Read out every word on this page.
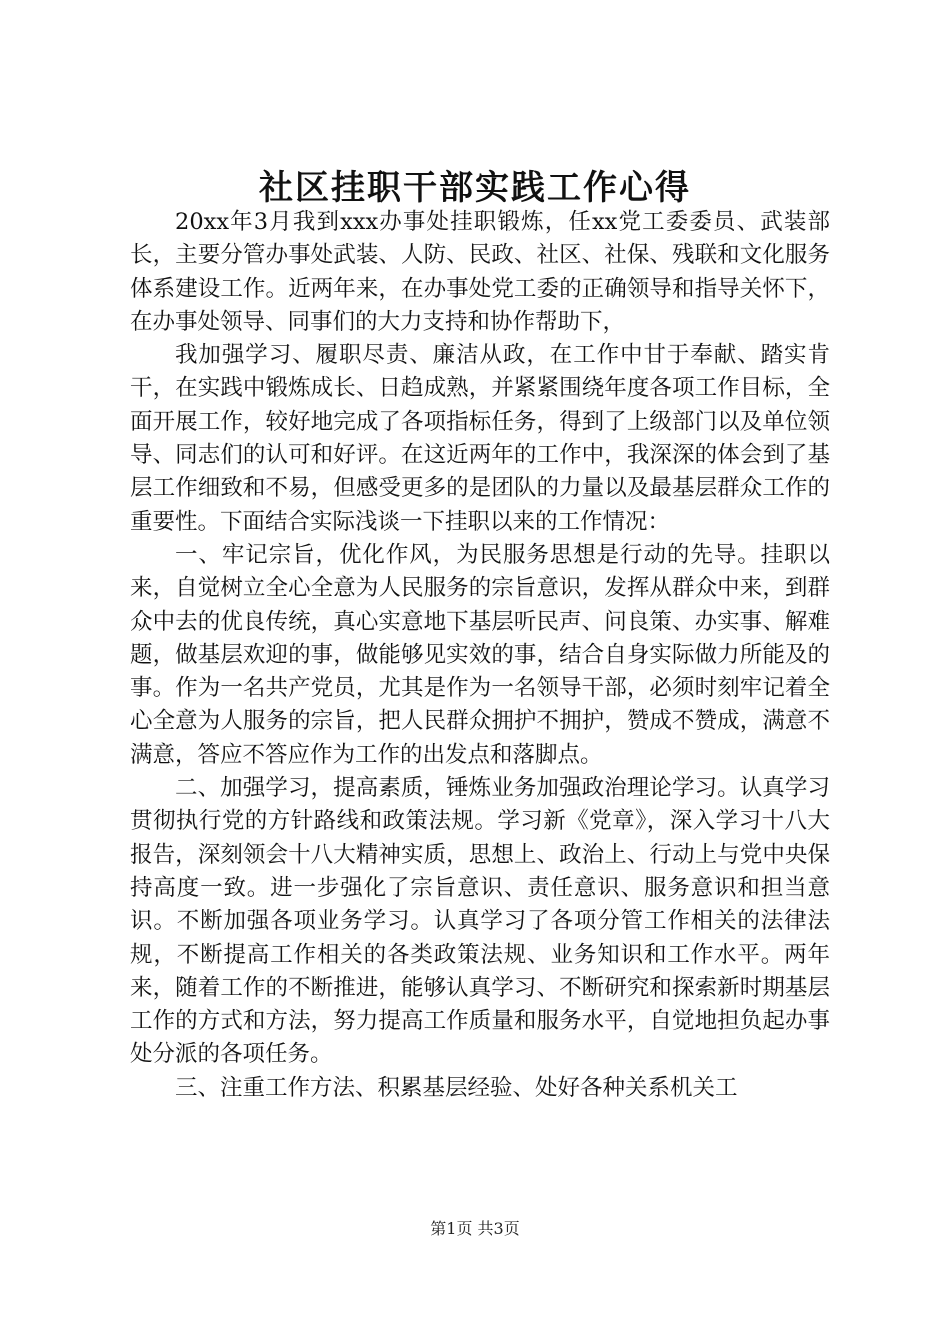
社区挂职干部实践工作心得

20xx年3月我到xxx办事处挂职锻炼，任xx党工委委员、武装部长，主要分管办事处武装、人防、民政、社区、社保、残联和文化服务体系建设工作。近两年来，在办事处党工委的正确领导和指导关怀下，在办事处领导、同事们的大力支持和协作帮助下，

我加强学习、履职尽责、廉洁从政，在工作中甘于奉献、踏实肯干，在实践中锻炼成长、日趋成熟，并紧紧围绕年度各项工作目标，全面开展工作，较好地完成了各项指标任务，得到了上级部门以及单位领导、同志们的认可和好评。在这近两年的工作中，我深深的体会到了基层工作细致和不易，但感受更多的是团队的力量以及最基层群众工作的重要性。下面结合实际浅谈一下挂职以来的工作情况：

一、牢记宗旨，优化作风，为民服务思想是行动的先导。挂职以来，自觉树立全心全意为人民服务的宗旨意识，发挥从群众中来，到群众中去的优良传统，真心实意地下基层听民声、问良策、办实事、解难题，做基层欢迎的事，做能够见实效的事，结合自身实际做力所能及的事。作为一名共产党员，尤其是作为一名领导干部，必须时刻牢记着全心全意为人服务的宗旨，把人民群众拥护不拥护，赞成不赞成，满意不满意，答应不答应作为工作的出发点和落脚点。

二、加强学习，提高素质，锤炼业务加强政治理论学习。认真学习贯彻执行党的方针路线和政策法规。学习新《党章》，深入学习十八大报告，深刻领会十八大精神实质，思想上、政治上、行动上与党中央保持高度一致。进一步强化了宗旨意识、责任意识、服务意识和担当意识。不断加强各项业务学习。认真学习了各项分管工作相关的法律法规，不断提高工作相关的各类政策法规、业务知识和工作水平。两年来，随着工作的不断推进，能够认真学习、不断研究和探索新时期基层工作的方式和方法，努力提高工作质量和服务水平，自觉地担负起办事处分派的各项任务。

三、注重工作方法、积累基层经验、处好各种关系机关工

第1页 共3页
